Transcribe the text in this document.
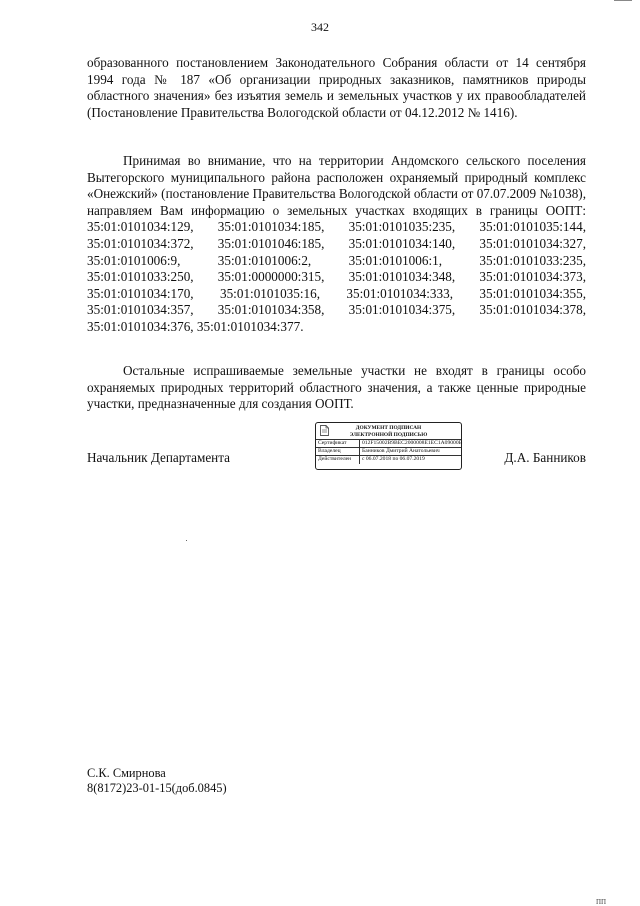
342

образованного постановлением Законодательного Собрания области от 14 сентября 1994 года № 187 «Об организации природных заказников, памятников природы областного значения» без изъятия земель и земельных участков у их правообладателей (Постановление Правительства Вологодской области от 04.12.2012 № 1416).

Принимая во внимание, что на территории Андомского сельского поселения Вытегорского муниципального района расположен охраняемый природный комплекс «Онежский» (постановление Правительства Вологодской области от 07.07.2009 №1038), направляем Вам информацию о земельных участках входящих в границы ООПТ: 35:01:0101034:129, 35:01:0101034:185, 35:01:0101035:235, 35:01:0101035:144, 35:01:0101034:372, 35:01:0101046:185, 35:01:0101034:140, 35:01:0101034:327, 35:01:0101006:9, 35:01:0101006:2, 35:01:0101006:1, 35:01:0101033:235, 35:01:0101033:250, 35:01:0000000:315, 35:01:0101034:348, 35:01:0101034:373, 35:01:0101034:170, 35:01:0101035:16, 35:01:0101034:333, 35:01:0101034:355, 35:01:0101034:357, 35:01:0101034:358, 35:01:0101034:375, 35:01:0101034:378, 35:01:0101034:376, 35:01:0101034:377.

Остальные испрашиваемые земельные участки не входят в границы особо охраняемых природных территорий областного значения, а также ценные природные участки, предназначенные для создания ООПТ.

Начальник Департамента	Д.А. Банников
ДОКУМЕНТ ПОДПИСАН
ЭЛЕКТРОННОЙ ПОДПИСЬЮ
Сертификат	012F15002B9BEC2000008E1EC1A09000B
Владелец	Банников Дмитрий Анатольевич
Действителен	с 06.07.2018 по 06.07.2019
С.К. Смирнова
8(8172)23-01-15(доб.0845)
ПП
